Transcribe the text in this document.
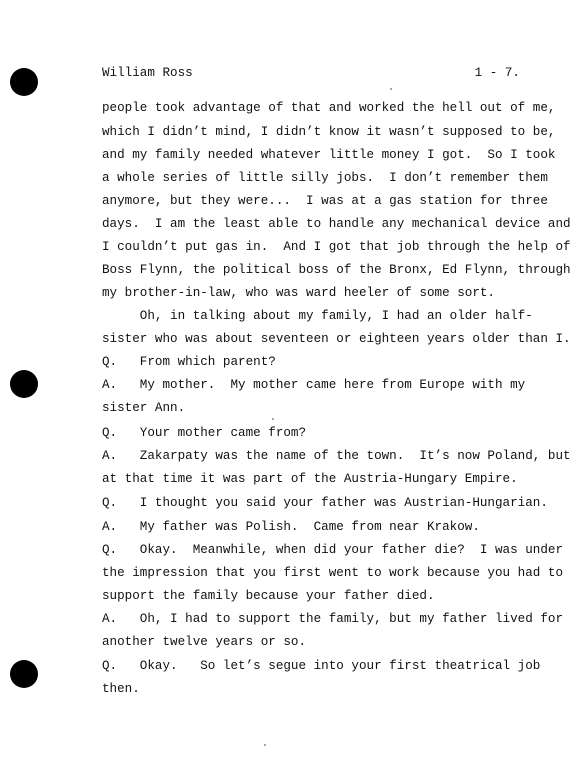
William Ross	1 - 7.
people took advantage of that and worked the hell out of me,
which I didn’t mind, I didn’t know it wasn’t supposed to be,
and my family needed whatever little money I got.  So I took
a whole series of little silly jobs.  I don’t remember them
anymore, but they were...  I was at a gas station for three
days.  I am the least able to handle any mechanical device and
I couldn’t put gas in.  And I got that job through the help of
Boss Flynn, the political boss of the Bronx, Ed Flynn, through
my brother-in-law, who was ward heeler of some sort.
Oh, in talking about my family, I had an older half-
sister who was about seventeen or eighteen years older than I.
Q.   From which parent?
A.   My mother.  My mother came here from Europe with my
sister Ann.
Q.   Your mother came from?
A.   Zakarpaty was the name of the town.  It’s now Poland, but
at that time it was part of the Austria-Hungary Empire.
Q.   I thought you said your father was Austrian-Hungarian.
A.   My father was Polish.  Came from near Krakow.
Q.   Okay.  Meanwhile, when did your father die?  I was under
the impression that you first went to work because you had to
support the family because your father died.
A.   Oh, I had to support the family, but my father lived for
another twelve years or so.
Q.   Okay.   So let’s segue into your first theatrical job
then.
